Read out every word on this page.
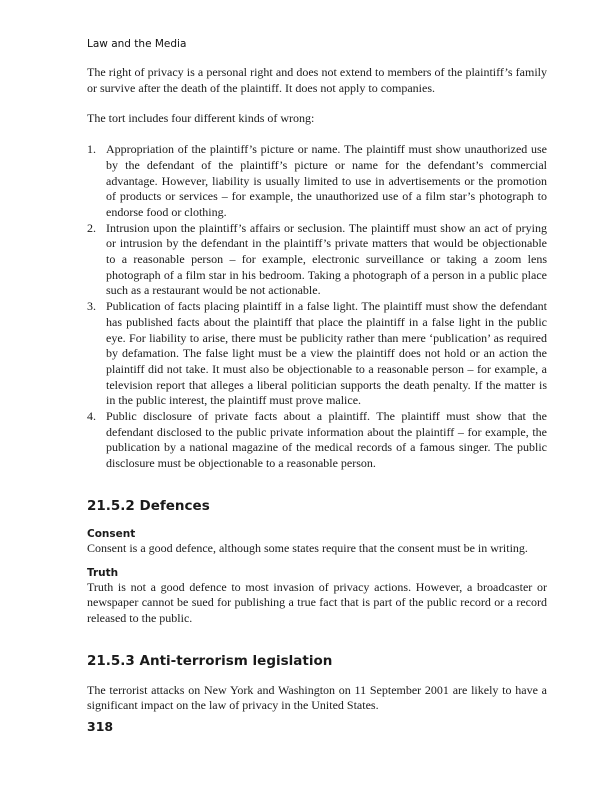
Law and the Media

The right of privacy is a personal right and does not extend to members of the plaintiff’s family or survive after the death of the plaintiff. It does not apply to companies.

The tort includes four different kinds of wrong:

1. Appropriation of the plaintiff’s picture or name. The plaintiff must show unauthorized use by the defendant of the plaintiff’s picture or name for the defendant’s commercial advantage. However, liability is usually limited to use in advertisements or the promotion of products or services – for example, the unauthorized use of a film star’s photograph to endorse food or clothing.
2. Intrusion upon the plaintiff’s affairs or seclusion. The plaintiff must show an act of prying or intrusion by the defendant in the plaintiff’s private matters that would be objectionable to a reasonable person – for example, electronic surveillance or taking a zoom lens photograph of a film star in his bedroom. Taking a photograph of a person in a public place such as a restaurant would be not actionable.
3. Publication of facts placing plaintiff in a false light. The plaintiff must show the defendant has published facts about the plaintiff that place the plaintiff in a false light in the public eye. For liability to arise, there must be publicity rather than mere ‘publication’ as required by defamation. The false light must be a view the plaintiff does not hold or an action the plaintiff did not take. It must also be objectionable to a reasonable person – for example, a television report that alleges a liberal politician supports the death penalty. If the matter is in the public interest, the plaintiff must prove malice.
4. Public disclosure of private facts about a plaintiff. The plaintiff must show that the defendant disclosed to the public private information about the plaintiff – for example, the publication by a national magazine of the medical records of a famous singer. The public disclosure must be objectionable to a reasonable person.
21.5.2 Defences
Consent

Consent is a good defence, although some states require that the consent must be in writing.

Truth

Truth is not a good defence to most invasion of privacy actions. However, a broadcaster or newspaper cannot be sued for publishing a true fact that is part of the public record or a record released to the public.

21.5.3 Anti-terrorism legislation

The terrorist attacks on New York and Washington on 11 September 2001 are likely to have a significant impact on the law of privacy in the United States.

318
